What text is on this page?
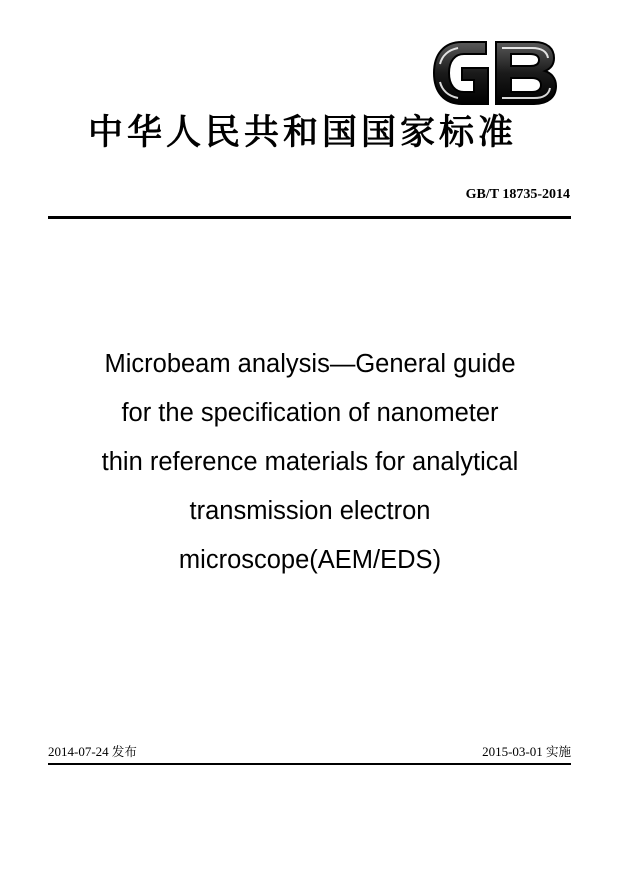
中华人民共和国国家标准
GB/T 18735-2014
Microbeam analysis—General guide
for the specification of nanometer
thin reference materials for analytical
transmission electron
microscope(AEM/EDS)
2014-07-24 发布	2015-03-01 实施
